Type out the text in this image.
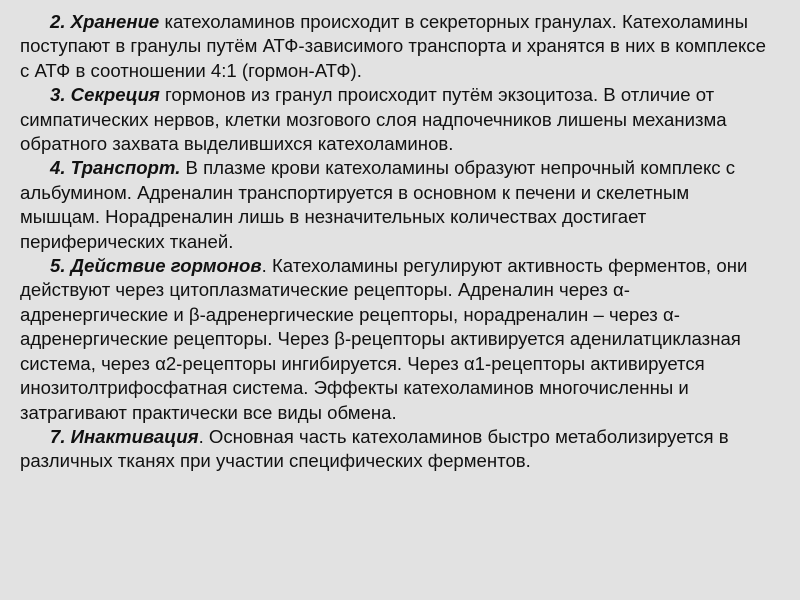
2. Хранение катехоламинов происходит в секреторных гранулах. Катехоламины поступают в гранулы путём АТФ-зависимого транспорта и хранятся в них в комплексе с АТФ в соотношении 4:1 (гормон-АТФ).

3. Секреция гормонов из гранул происходит путём экзоцитоза. В отличие от симпатических нервов, клетки мозгового слоя надпочечников лишены механизма обратного захвата выделившихся катехоламинов.

4. Транспорт. В плазме крови катехоламины образуют непрочный комплекс с альбумином. Адреналин транспортируется в основном к печени и скелетным мышцам. Норадреналин лишь в незначительных количествах достигает периферических тканей.

5. Действие гормонов. Катехоламины регулируют активность ферментов, они действуют через цитоплазматические рецепторы. Адреналин через α-адренергические и β-адренергические рецепторы, норадреналин – через α-адренергические рецепторы. Через β-рецепторы активируется аденилатциклазная система, через α2-рецепторы ингибируется. Через α1-рецепторы активируется инозитолтрифосфатная система. Эффекты катехоламинов многочисленны и затрагивают практически все виды обмена.

7. Инактивация. Основная часть катехоламинов быстро метаболизируется в различных тканях при участии специфических ферментов.
